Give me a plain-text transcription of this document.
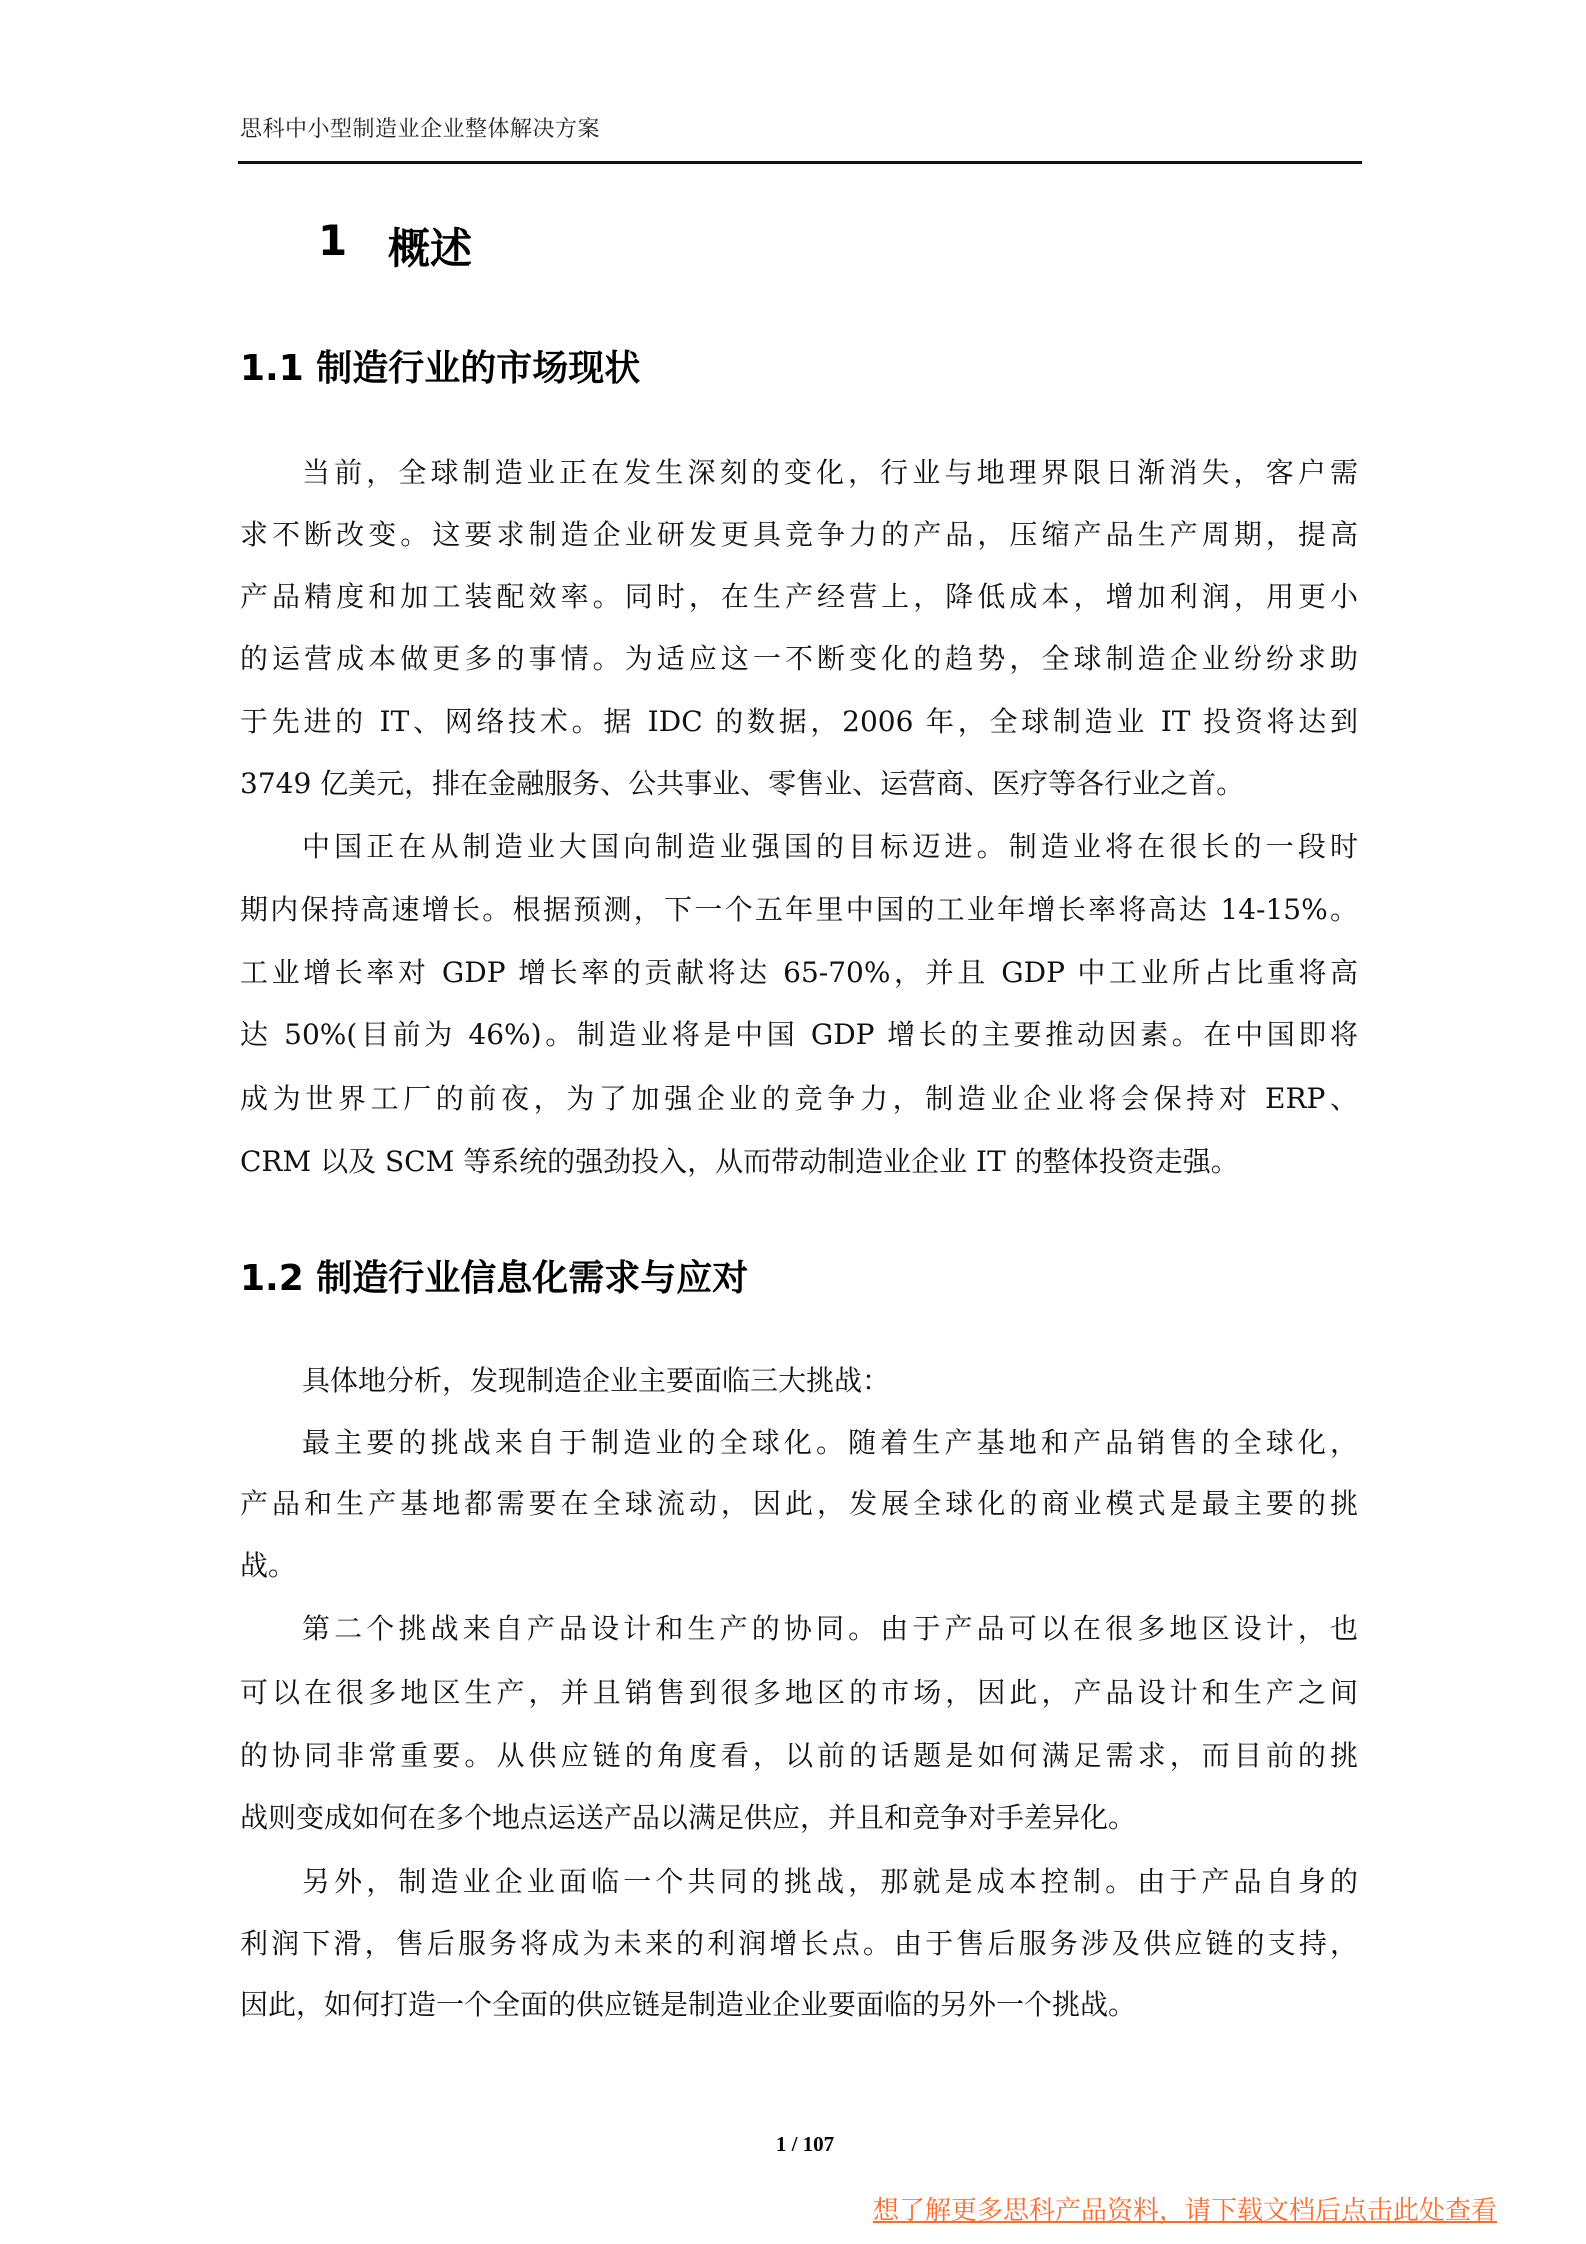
思科中小型制造业企业整体解决方案
1 概述
1.1 制造行业的市场现状
当前，全球制造业正在发生深刻的变化，行业与地理界限日渐消失，客户需
求不断改变。这要求制造企业研发更具竞争力的产品，压缩产品生产周期，提高
产品精度和加工装配效率。同时，在生产经营上，降低成本，增加利润，用更小
的运营成本做更多的事情。为适应这一不断变化的趋势，全球制造企业纷纷求助
于先进的 IT、网络技术。据 IDC 的数据，2006 年，全球制造业 IT 投资将达到
3749 亿美元，排在金融服务、公共事业、零售业、运营商、医疗等各行业之首。
中国正在从制造业大国向制造业强国的目标迈进。制造业将在很长的一段时
期内保持高速增长。根据预测，下一个五年里中国的工业年增长率将高达 14-15%。
工业增长率对 GDP 增长率的贡献将达 65-70%，并且 GDP 中工业所占比重将高
达 50%(目前为 46%)。制造业将是中国 GDP 增长的主要推动因素。在中国即将
成为世界工厂的前夜，为了加强企业的竞争力，制造业企业将会保持对 ERP、
CRM 以及 SCM 等系统的强劲投入，从而带动制造业企业 IT 的整体投资走强。
1.2 制造行业信息化需求与应对
具体地分析，发现制造企业主要面临三大挑战：
最主要的挑战来自于制造业的全球化。随着生产基地和产品销售的全球化，
产品和生产基地都需要在全球流动，因此，发展全球化的商业模式是最主要的挑
战。
第二个挑战来自产品设计和生产的协同。由于产品可以在很多地区设计，也
可以在很多地区生产，并且销售到很多地区的市场，因此，产品设计和生产之间
的协同非常重要。从供应链的角度看，以前的话题是如何满足需求，而目前的挑
战则变成如何在多个地点运送产品以满足供应，并且和竞争对手差异化。
另外，制造业企业面临一个共同的挑战，那就是成本控制。由于产品自身的
利润下滑，售后服务将成为未来的利润增长点。由于售后服务涉及供应链的支持，
因此，如何打造一个全面的供应链是制造业企业要面临的另外一个挑战。
1 / 107
想了解更多思科产品资料，请下载文档后点击此处查看
